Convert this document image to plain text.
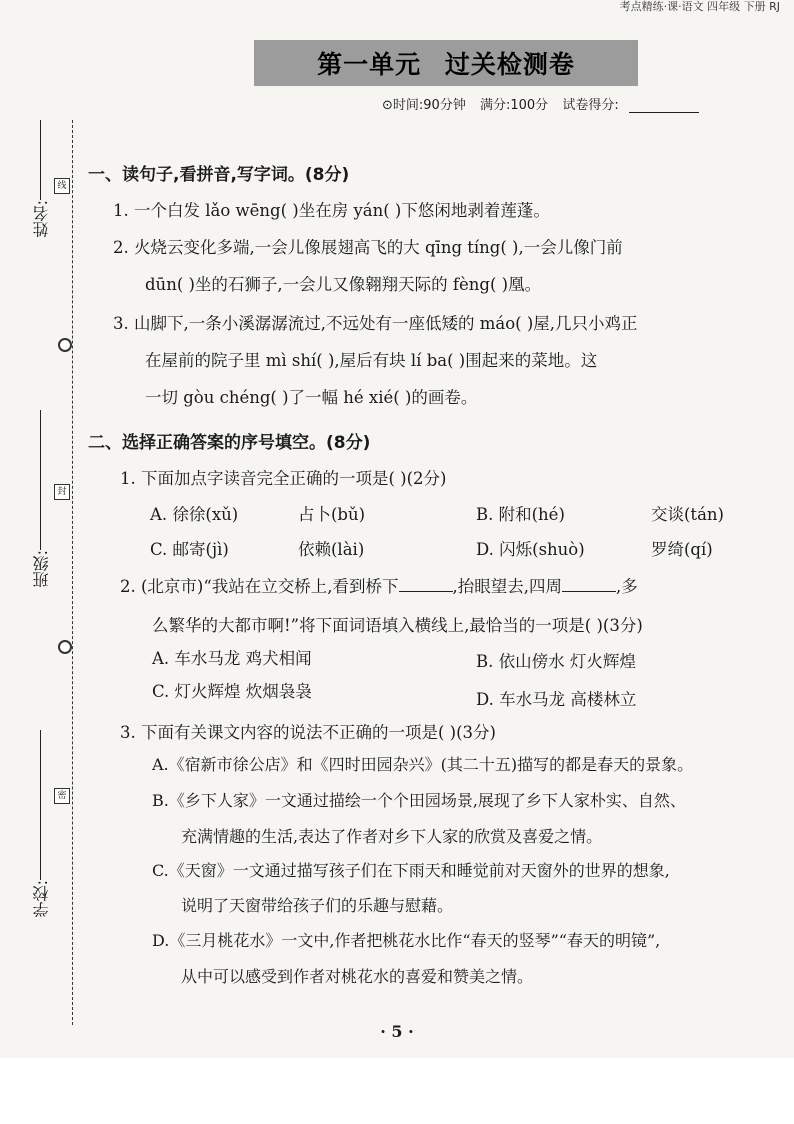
考点精练·课·语文 四年级 下册 RJ
第一单元 过关检测卷
⊙时间:90分钟 满分:100分 试卷得分:
姓名:
线
班级:
封
学校:
密
一、读句子,看拼音,写字词。(8分)
1. 一个白发 lǎo wēng( )坐在房 yán( )下悠闲地剥着莲蓬。
2. 火烧云变化多端,一会儿像展翅高飞的大 qīng tíng( ),一会儿像门前
dūn( )坐的石狮子,一会儿又像翱翔天际的 fèng( )凰。
3. 山脚下,一条小溪潺潺流过,不远处有一座低矮的 máo( )屋,几只小鸡正
在屋前的院子里 mì shí( ),屋后有块 lí ba( )围起来的菜地。这
一切 gòu chéng( )了一幅 hé xié( )的画卷。
二、选择正确答案的序号填空。(8分)
1. 下面加点字读音完全正确的一项是( )(2分)
A. 徐徐(xǔ)	占卜(bǔ)	B. 附和(hé)	交谈(tán)
C. 邮寄(jì)	依赖(lài)	D. 闪烁(shuò)	罗绮(qí)
2. (北京市)“我站在立交桥上,看到桥下	,抬眼望去,四周	,多
么繁华的大都市啊!”将下面词语填入横线上,最恰当的一项是( )(3分)
A. 车水马龙 鸡犬相闻	B. 依山傍水 灯火辉煌
C. 灯火辉煌 炊烟袅袅	D. 车水马龙 高楼林立
3. 下面有关课文内容的说法不正确的一项是( )(3分)
A.《宿新市徐公店》和《四时田园杂兴》(其二十五)描写的都是春天的景象。
B.《乡下人家》一文通过描绘一个个田园场景,展现了乡下人家朴实、自然、
充满情趣的生活,表达了作者对乡下人家的欣赏及喜爱之情。
C.《天窗》一文通过描写孩子们在下雨天和睡觉前对天窗外的世界的想象,
说明了天窗带给孩子们的乐趣与慰藉。
D.《三月桃花水》一文中,作者把桃花水比作“春天的竖琴”“春天的明镜”,
从中可以感受到作者对桃花水的喜爱和赞美之情。
· 5 ·
